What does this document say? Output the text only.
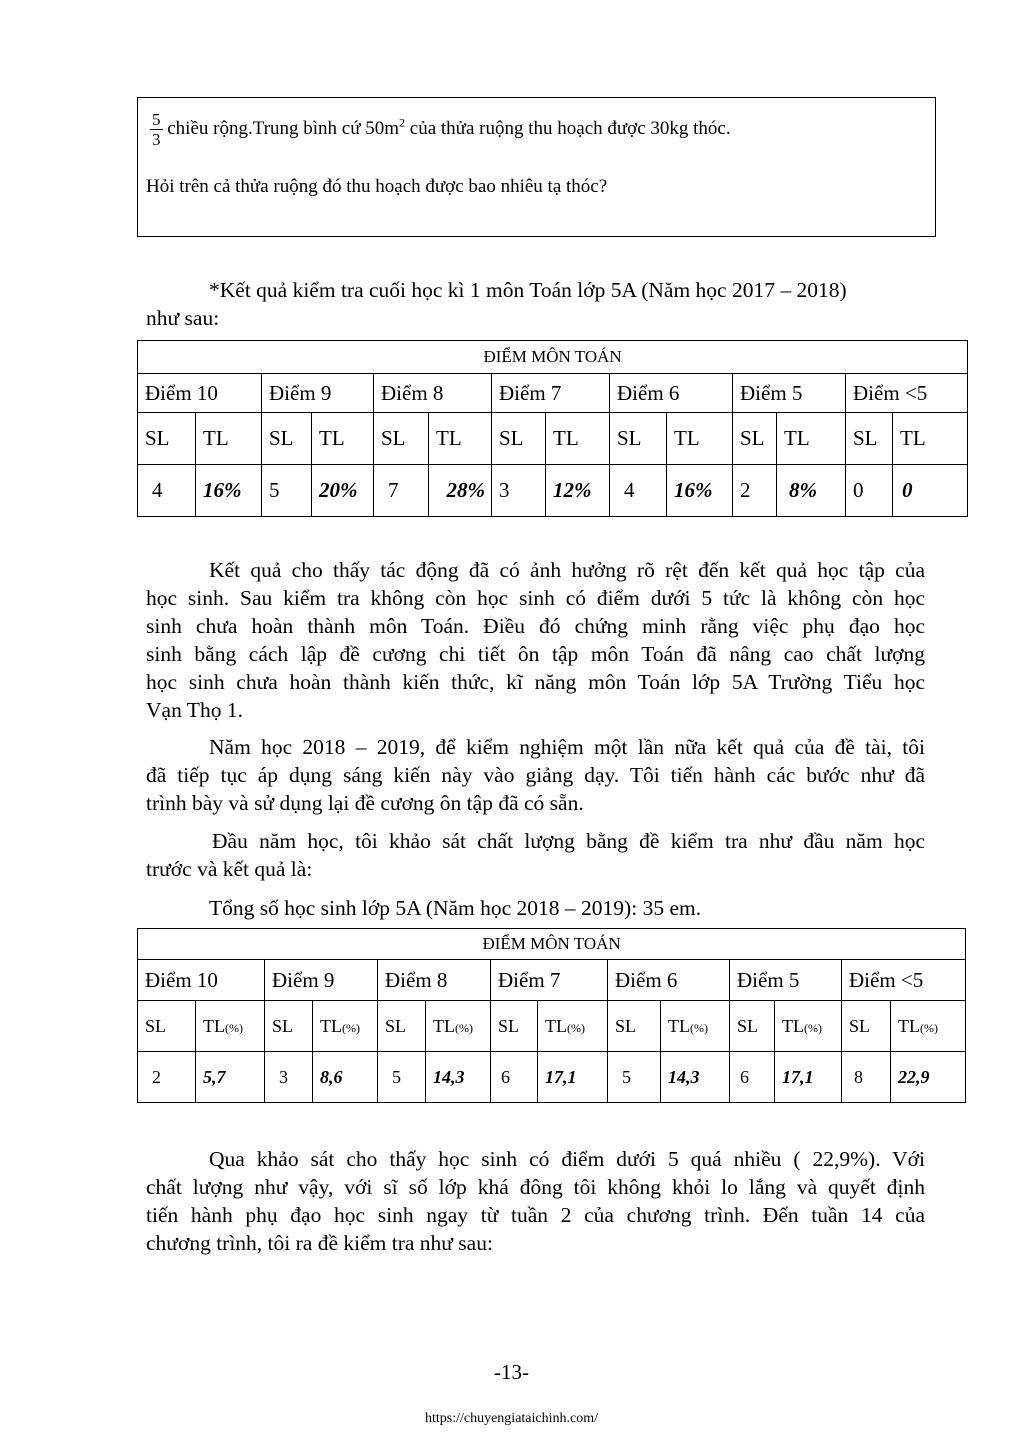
$\frac{5}{3}$ chiều rộng.Trung bình cứ $50m^2$ của thửa ruộng thu hoạch được 30kg thóc.
Hỏi trên cả thửa ruộng đó thu hoạch được bao nhiêu tạ thóc?
*Kết quả kiểm tra cuối học kì 1 môn Toán lớp 5A (Năm học 2017 – 2018)
như sau:
ĐIỂM MÔN TOÁN													
Điểm 10		Điểm 9		Điểm 8		Điểm 7		Điểm 6		Điểm 5		Điểm <5	
SL	TL	SL	TL	SL	TL	SL	TL	SL	TL	SL	TL	SL	TL
4	16%	5	20%	7	28%	3	12%	4	16%	2	8%	0	0
Kết quả cho thấy tác động đã có ảnh hưởng rõ rệt đến kết quả học tập của
học sinh. Sau kiểm tra không còn học sinh có điểm dưới 5 tức là không còn học
sinh chưa hoàn thành môn Toán. Điều đó chứng minh rằng việc phụ đạo học
sinh bằng cách lập đề cương chi tiết ôn tập môn Toán đã nâng cao chất lượng
học sinh chưa hoàn thành kiến thức, kĩ năng môn Toán lớp 5A Trường Tiểu học
Vạn Thọ 1.
Năm học 2018 – 2019, để kiểm nghiệm một lần nữa kết quả của đề tài, tôi
đã tiếp tục áp dụng sáng kiến này vào giảng dạy. Tôi tiến hành các bước như đã
trình bày và sử dụng lại đề cương ôn tập đã có sẵn.
Đầu năm học, tôi khảo sát chất lượng bằng đề kiểm tra như đầu năm học
trước và kết quả là:
Tổng số học sinh lớp 5A (Năm học 2018 – 2019): 35 em.
ĐIỂM MÔN TOÁN													
Điểm 10		Điểm 9		Điểm 8		Điểm 7		Điểm 6		Điểm 5		Điểm <5	
SL	TL(%)	SL	TL(%)	SL	TL(%)	SL	TL(%)	SL	TL(%)	SL	TL(%)	SL	TL(%)
2	5,7	3	8,6	5	14,3	6	17,1	5	14,3	6	17,1	8	22,9
Qua khảo sát cho thấy học sinh có điểm dưới 5 quá nhiều ( 22,9%). Với
chất lượng như vậy, với sĩ số lớp khá đông tôi không khỏi lo lắng và quyết định
tiến hành phụ đạo học sinh ngay từ tuần 2 của chương trình. Đến tuần 14 của
chương trình, tôi ra đề kiểm tra như sau:
-13-
https://chuyengiataichinh.com/
